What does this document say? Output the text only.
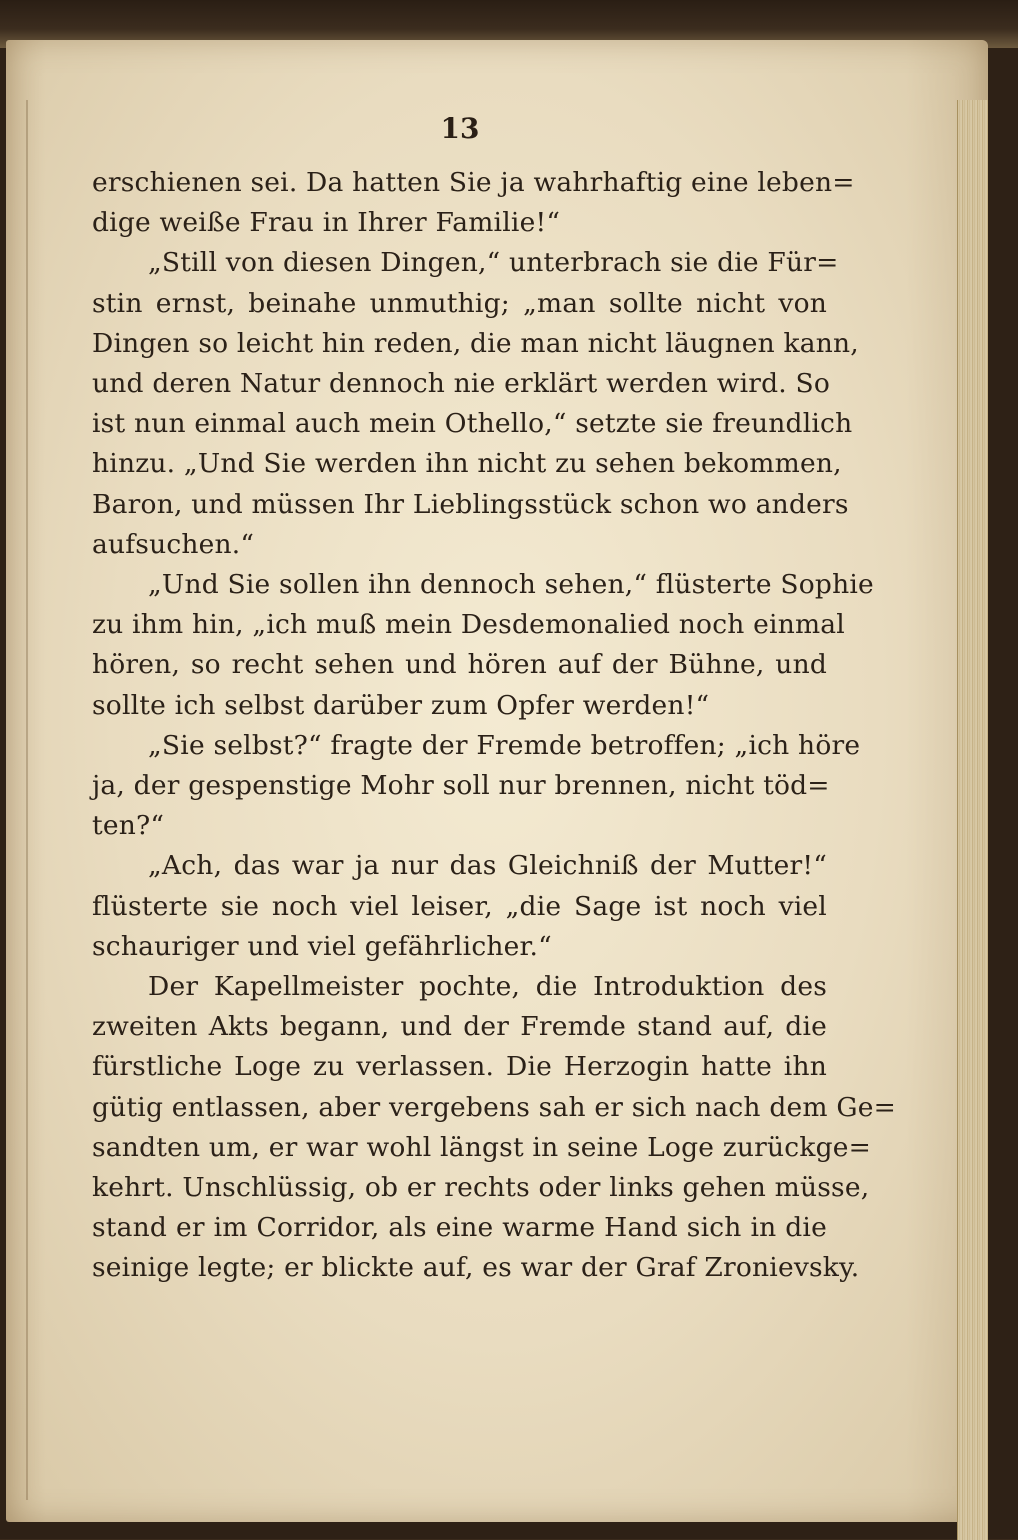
13
erschienen sei. Da hatten Sie ja wahrhaftig eine leben=
dige weiße Frau in Ihrer Familie!“
„Still von diesen Dingen,“ unterbrach sie die Für=
stin ernst, beinahe unmuthig; „man sollte nicht von
Dingen so leicht hin reden, die man nicht läugnen kann,
und deren Natur dennoch nie erklärt werden wird. So
ist nun einmal auch mein Othello,“ setzte sie freundlich
hinzu. „Und Sie werden ihn nicht zu sehen bekommen,
Baron, und müssen Ihr Lieblingsstück schon wo anders
aufsuchen.“
„Und Sie sollen ihn dennoch sehen,“ flüsterte Sophie
zu ihm hin, „ich muß mein Desdemonalied noch einmal
hören, so recht sehen und hören auf der Bühne, und
sollte ich selbst darüber zum Opfer werden!“
„Sie selbst?“ fragte der Fremde betroffen; „ich höre
ja, der gespenstige Mohr soll nur brennen, nicht töd=
ten?“
„Ach, das war ja nur das Gleichniß der Mutter!“
flüsterte sie noch viel leiser, „die Sage ist noch viel
schauriger und viel gefährlicher.“
Der Kapellmeister pochte, die Introduktion des
zweiten Akts begann, und der Fremde stand auf, die
fürstliche Loge zu verlassen. Die Herzogin hatte ihn
gütig entlassen, aber vergebens sah er sich nach dem Ge=
sandten um, er war wohl längst in seine Loge zurückge=
kehrt. Unschlüssig, ob er rechts oder links gehen müsse,
stand er im Corridor, als eine warme Hand sich in die
seinige legte; er blickte auf, es war der Graf Zronievsky.
